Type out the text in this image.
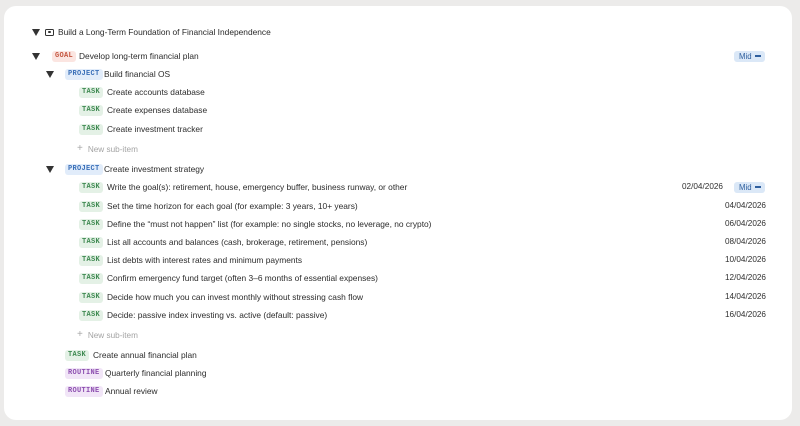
Build a Long-Term Foundation of Financial Independence
GOAL Develop long-term financial plan	Mid
PROJECT Build financial OS
TASK Create accounts database
TASK Create expenses database
TASK Create investment tracker
+ New sub-item
PROJECT Create investment strategy
TASK Write the goal(s): retirement, house, emergency buffer, business runway, or other	02/04/2026 Mid
TASK Set the time horizon for each goal (for example: 3 years, 10+ years)	04/04/2026
TASK Define the “must not happen” list (for example: no single stocks, no leverage, no crypto)	06/04/2026
TASK List all accounts and balances (cash, brokerage, retirement, pensions)	08/04/2026
TASK List debts with interest rates and minimum payments	10/04/2026
TASK Confirm emergency fund target (often 3–6 months of essential expenses)	12/04/2026
TASK Decide how much you can invest monthly without stressing cash flow	14/04/2026
TASK Decide: passive index investing vs. active (default: passive)	16/04/2026
+ New sub-item
TASK Create annual financial plan
ROUTINE Quarterly financial planning
ROUTINE Annual review
